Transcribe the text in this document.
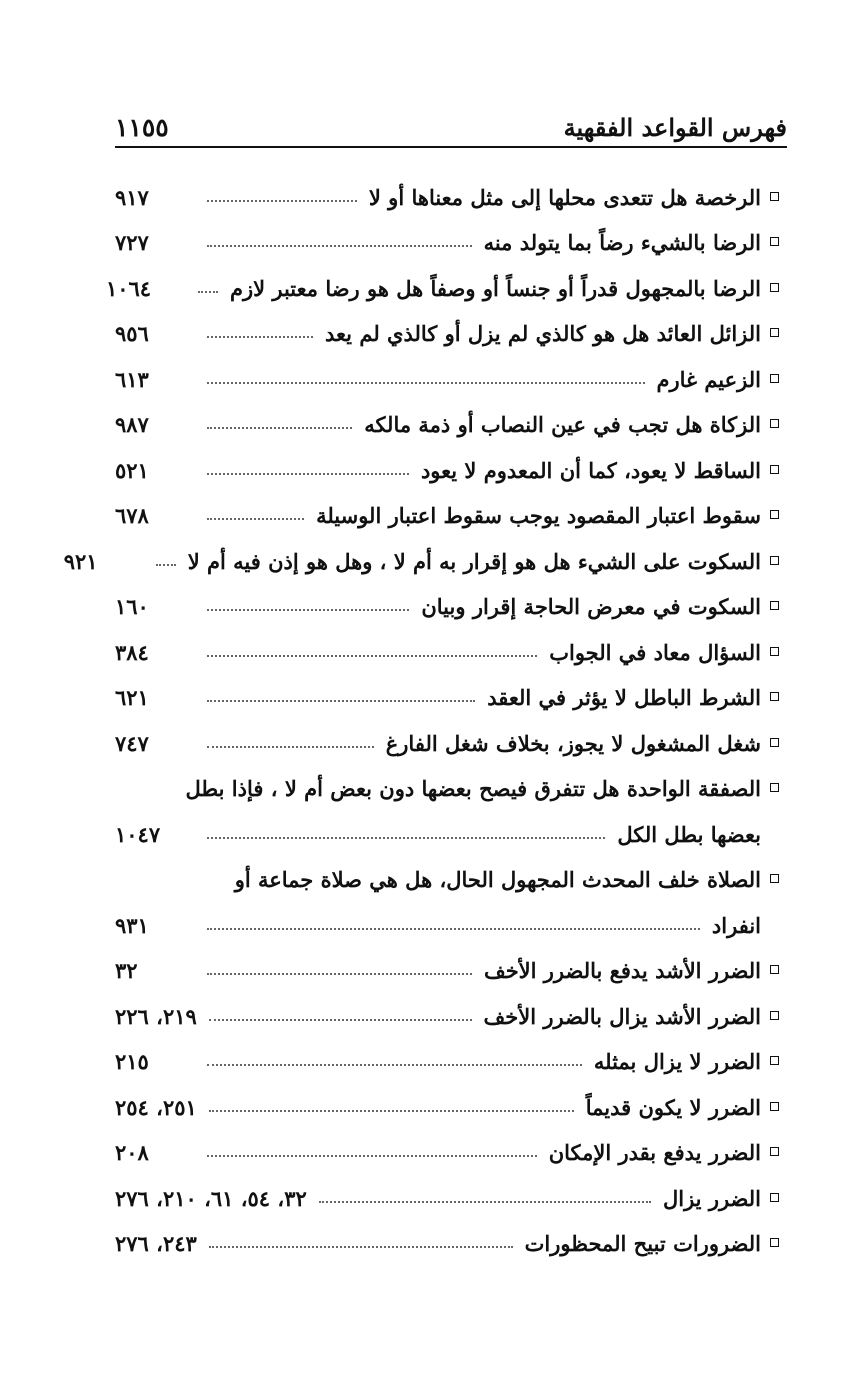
فهرس القواعد الفقهية
١١٥٥
الرخصة هل تتعدى محلها إلى مثل معناها أو لا
٩١٧
الرضا بالشيء رضاً بما يتولد منه
٧٢٧
الرضا بالمجهول قدراً أو جنساً أو وصفاً هل هو رضا معتبر لازم
١٠٦٤
الزائل العائد هل هو كالذي لم يزل أو كالذي لم يعد
٩٥٦
الزعيم غارم
٦١٣
الزكاة هل تجب في عين النصاب أو ذمة مالكه
٩٨٧
الساقط لا يعود، كما أن المعدوم لا يعود
٥٢١
سقوط اعتبار المقصود يوجب سقوط اعتبار الوسيلة
٦٧٨
السكوت على الشيء هل هو إقرار به أم لا ، وهل هو إذن فيه أم لا
٩٢١
السكوت في معرض الحاجة إقرار وبيان
١٦٠
السؤال معاد في الجواب
٣٨٤
الشرط الباطل لا يؤثر في العقد
٦٢١
شغل المشغول لا يجوز، بخلاف شغل الفارغ
٧٤٧
الصفقة الواحدة هل تتفرق فيصح بعضها دون بعض أم لا ، فإذا بطل
بعضها بطل الكل
١٠٤٧
الصلاة خلف المحدث المجهول الحال، هل هي صلاة جماعة أو
انفراد
٩٣١
الضرر الأشد يدفع بالضرر الأخف
٣٢
الضرر الأشد يزال بالضرر الأخف
٢١٩، ٢٢٦
الضرر لا يزال بمثله
٢١٥
الضرر لا يكون قديماً
٢٥١، ٢٥٤
الضرر يدفع بقدر الإمكان
٢٠٨
الضرر يزال
٣٢، ٥٤، ٦١، ٢١٠، ٢٧٦
الضرورات تبيح المحظورات
٢٤٣، ٢٧٦
